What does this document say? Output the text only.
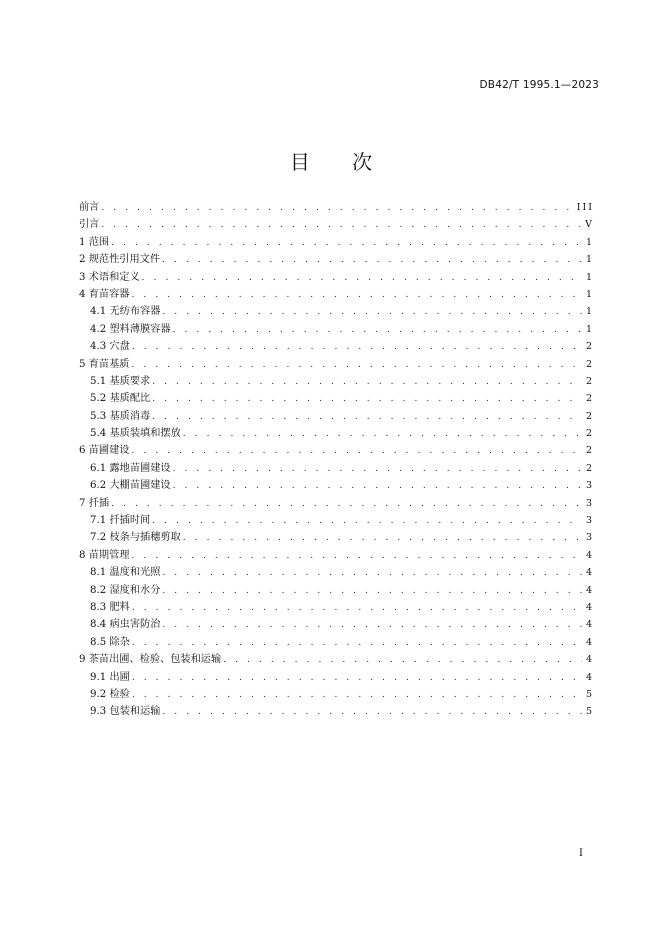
DB42/T 1995.1—2023
目 次
前言 . . .	III
引言 . . .	V
1 范围 . . .	1
2 规范性引用文件 . . .	1
3 术语和定义 . . .	1
4 育苗容器 . . .	1
4.1 无纺布容器 . . .	1
4.2 塑料薄膜容器 . . .	1
4.3 穴盘 . . .	2
5 育苗基质 . . .	2
5.1 基质要求 . . .	2
5.2 基质配比 . . .	2
5.3 基质消毒 . . .	2
5.4 基质装填和摆放 . . .	2
6 苗圃建设 . . .	2
6.1 露地苗圃建设 . . .	2
6.2 大棚苗圃建设 . . .	3
7 扦插 . . .	3
7.1 扦插时间 . . .	3
7.2 枝条与插穗剪取 . . .	3
8 苗期管理 . . .	4
8.1 温度和光照 . . .	4
8.2 湿度和水分 . . .	4
8.3 肥料 . . .	4
8.4 病虫害防治 . . .	4
8.5 除杂 . . .	4
9 茶苗出圃、检验、包装和运输 . . .	4
9.1 出圃 . . .	4
9.2 检验 . . .	5
9.3 包装和运输 . . .	5
I
